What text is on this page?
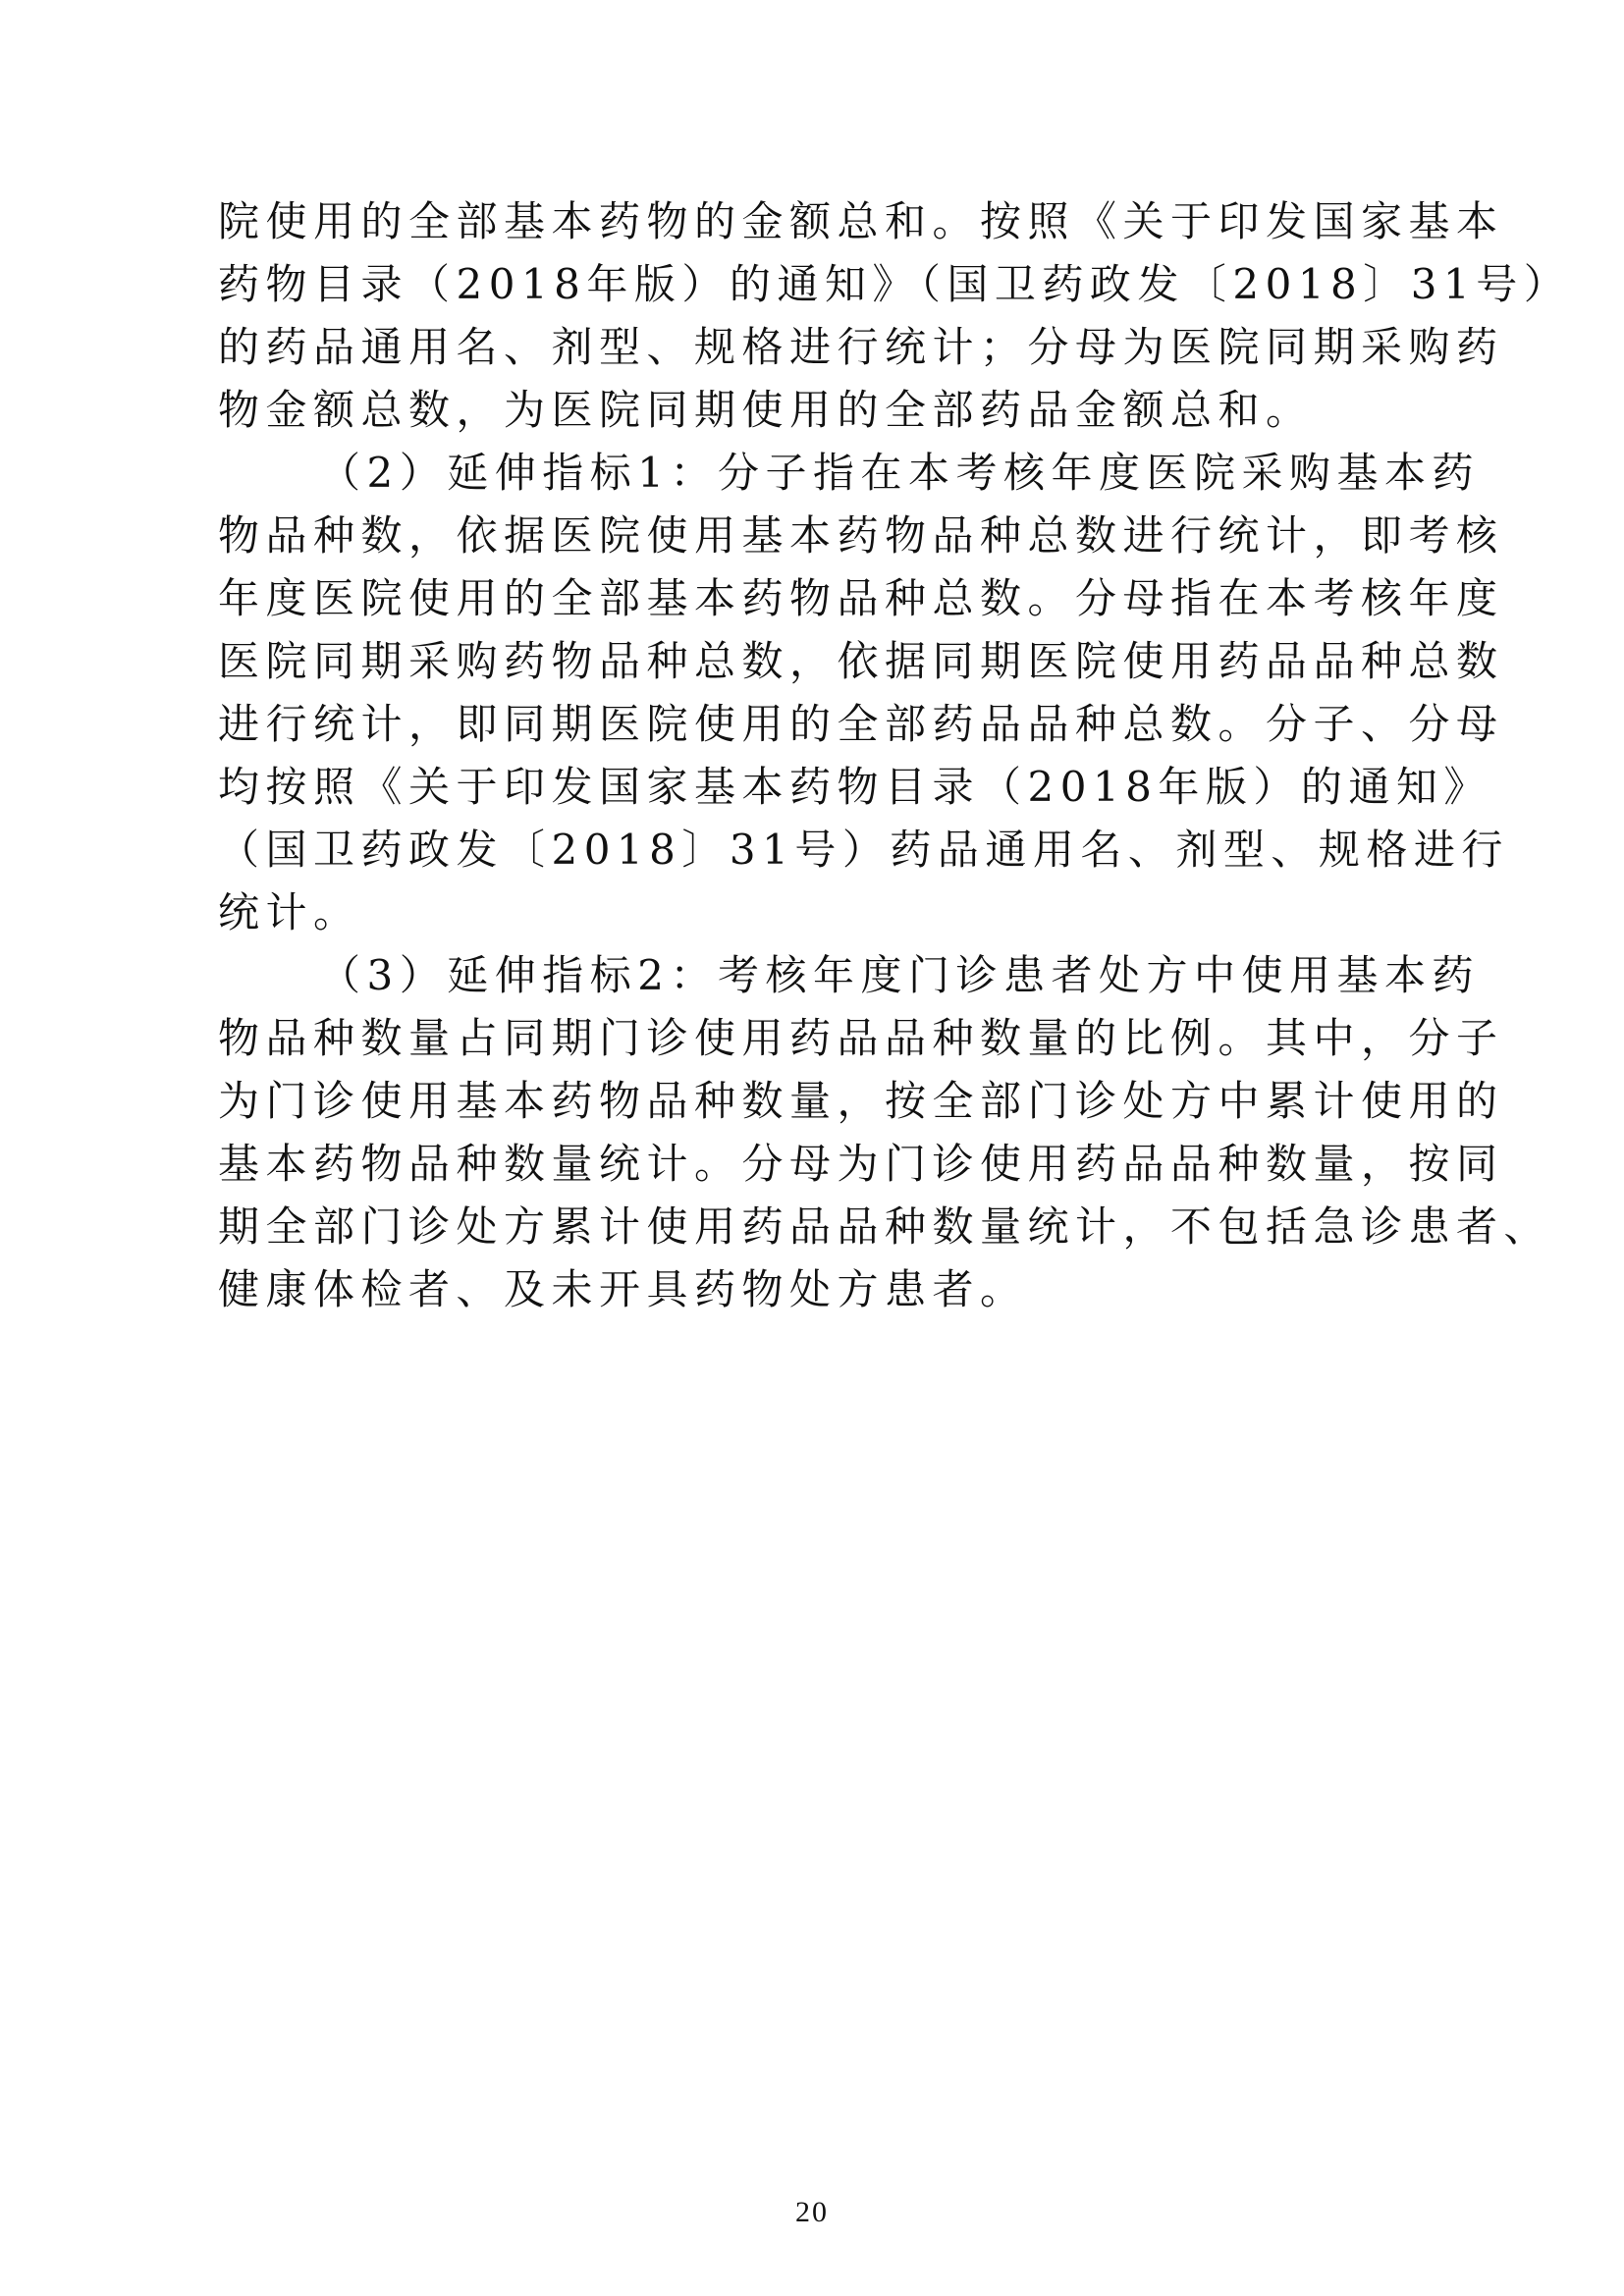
院使用的全部基本药物的金额总和。按照《关于印发国家基本
药物目录（2018年版）的通知》（国卫药政发〔2018〕31号）
的药品通用名、剂型、规格进行统计；分母为医院同期采购药
物金额总数，为医院同期使用的全部药品金额总和。
（2）延伸指标1：分子指在本考核年度医院采购基本药
物品种数，依据医院使用基本药物品种总数进行统计，即考核
年度医院使用的全部基本药物品种总数。分母指在本考核年度
医院同期采购药物品种总数，依据同期医院使用药品品种总数
进行统计，即同期医院使用的全部药品品种总数。分子、分母
均按照《关于印发国家基本药物目录（2018年版）的通知》
（国卫药政发〔2018〕31号）药品通用名、剂型、规格进行
统计。
（3）延伸指标2：考核年度门诊患者处方中使用基本药
物品种数量占同期门诊使用药品品种数量的比例。其中，分子
为门诊使用基本药物品种数量，按全部门诊处方中累计使用的
基本药物品种数量统计。分母为门诊使用药品品种数量，按同
期全部门诊处方累计使用药品品种数量统计，不包括急诊患者、
健康体检者、及未开具药物处方患者。
20
